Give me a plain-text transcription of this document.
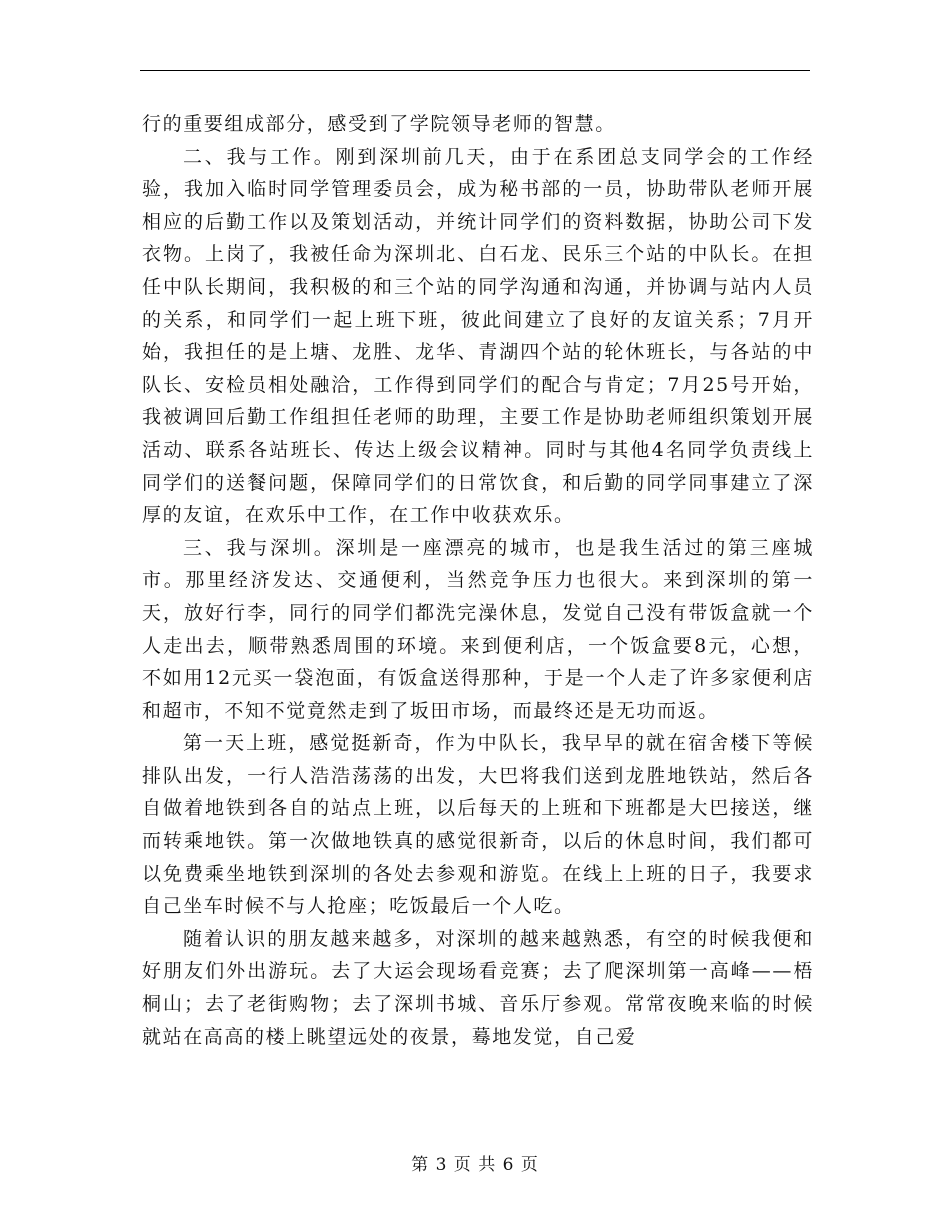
行的重要组成部分，感受到了学院领导老师的智慧。

二、我与工作。刚到深圳前几天，由于在系团总支同学会的工作经验，我加入临时同学管理委员会，成为秘书部的一员，协助带队老师开展相应的后勤工作以及策划活动，并统计同学们的资料数据，协助公司下发衣物。上岗了，我被任命为深圳北、白石龙、民乐三个站的中队长。在担任中队长期间，我积极的和三个站的同学沟通和沟通，并协调与站内人员的关系，和同学们一起上班下班，彼此间建立了良好的友谊关系；7月开始，我担任的是上塘、龙胜、龙华、青湖四个站的轮休班长，与各站的中队长、安检员相处融洽，工作得到同学们的配合与肯定；7月25号开始，我被调回后勤工作组担任老师的助理，主要工作是协助老师组织策划开展活动、联系各站班长、传达上级会议精神。同时与其他4名同学负责线上同学们的送餐问题，保障同学们的日常饮食，和后勤的同学同事建立了深厚的友谊，在欢乐中工作，在工作中收获欢乐。

三、我与深圳。深圳是一座漂亮的城市，也是我生活过的第三座城市。那里经济发达、交通便利，当然竞争压力也很大。来到深圳的第一天，放好行李，同行的同学们都洗完澡休息，发觉自己没有带饭盒就一个人走出去，顺带熟悉周围的环境。来到便利店，一个饭盒要8元，心想，不如用12元买一袋泡面，有饭盒送得那种，于是一个人走了许多家便利店和超市，不知不觉竟然走到了坂田市场，而最终还是无功而返。

第一天上班，感觉挺新奇，作为中队长，我早早的就在宿舍楼下等候排队出发，一行人浩浩荡荡的出发，大巴将我们送到龙胜地铁站，然后各自做着地铁到各自的站点上班，以后每天的上班和下班都是大巴接送，继而转乘地铁。第一次做地铁真的感觉很新奇，以后的休息时间，我们都可以免费乘坐地铁到深圳的各处去参观和游览。在线上上班的日子，我要求自己坐车时候不与人抢座；吃饭最后一个人吃。

随着认识的朋友越来越多，对深圳的越来越熟悉，有空的时候我便和好朋友们外出游玩。去了大运会现场看竞赛；去了爬深圳第一高峰——梧桐山；去了老街购物；去了深圳书城、音乐厅参观。常常夜晚来临的时候就站在高高的楼上眺望远处的夜景，蓦地发觉，自己爱

第 3 页 共 6 页
